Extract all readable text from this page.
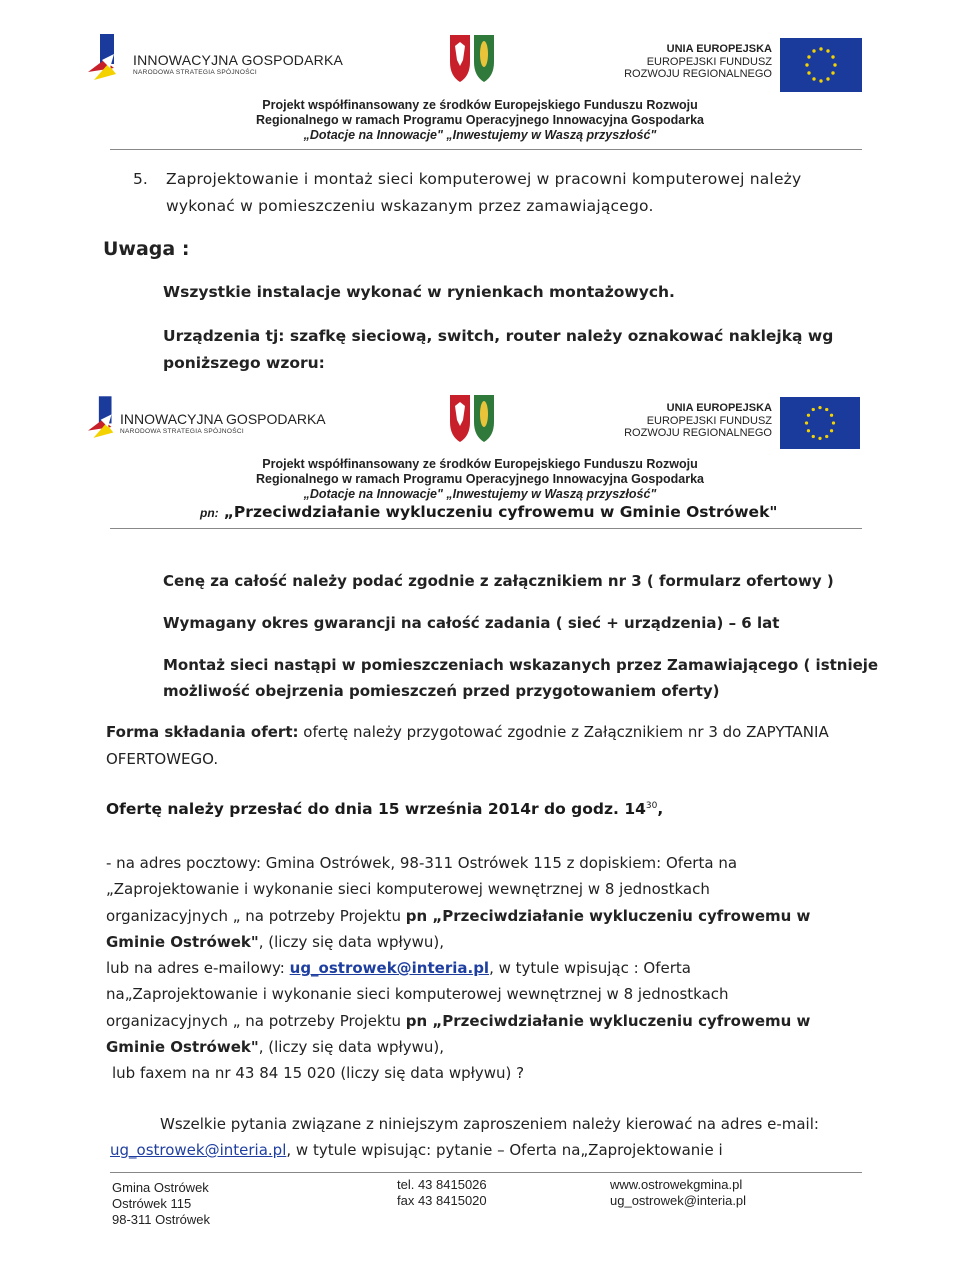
INNOWACYJNA GOSPODARKA
NARODOWA STRATEGIA SPÓJNOŚCI
UNIA EUROPEJSKA
EUROPEJSKI FUNDUSZ
ROZWOJU REGIONALNEGO
Projekt współfinansowany ze środków Europejskiego Funduszu Rozwoju
Regionalnego w ramach Programu Operacyjnego Innowacyjna Gospodarka
„Dotacje na Innowacje" „Inwestujemy w Waszą przyszłość"
5. Zaprojektowanie i montaż sieci komputerowej w pracowni komputerowej należy
wykonać w pomieszczeniu wskazanym przez zamawiającego.
Uwaga :
Wszystkie instalacje wykonać w rynienkach montażowych.
Urządzenia tj: szafkę sieciową, switch, router należy oznakować naklejką wg
poniższego wzoru:
INNOWACYJNA GOSPODARKA
NARODOWA STRATEGIA SPÓJNOŚCI
UNIA EUROPEJSKA
EUROPEJSKI FUNDUSZ
ROZWOJU REGIONALNEGO
Projekt współfinansowany ze środków Europejskiego Funduszu Rozwoju
Regionalnego w ramach Programu Operacyjnego Innowacyjna Gospodarka
„Dotacje na Innowacje" „Inwestujemy w Waszą przyszłość"
pn: „Przeciwdziałanie wykluczeniu cyfrowemu w Gminie Ostrówek"
Cenę za całość należy podać zgodnie z załącznikiem nr 3 ( formularz ofertowy )
Wymagany okres gwarancji na całość zadania ( sieć + urządzenia) – 6 lat
Montaż sieci nastąpi w pomieszczeniach wskazanych przez Zamawiającego ( istnieje
możliwość obejrzenia pomieszczeń przed przygotowaniem oferty)
Forma składania ofert: ofertę należy przygotować zgodnie z Załącznikiem nr 3 do ZAPYTANIA
OFERTOWEGO.
Ofertę należy przesłać do dnia 15 września 2014r do godz. $14^{30}$,
- na adres pocztowy: Gmina Ostrówek, 98-311 Ostrówek 115 z dopiskiem: Oferta na
„Zaprojektowanie i wykonanie sieci komputerowej wewnętrznej w 8 jednostkach
organizacyjnych „ na potrzeby Projektu pn „Przeciwdziałanie wykluczeniu cyfrowemu w
Gminie Ostrówek", (liczy się data wpływu),
lub na adres e-mailowy: ug_ostrowek@interia.pl, w tytule wpisując : Oferta
na„Zaprojektowanie i wykonanie sieci komputerowej wewnętrznej w 8 jednostkach
organizacyjnych „ na potrzeby Projektu pn „Przeciwdziałanie wykluczeniu cyfrowemu w
Gminie Ostrówek", (liczy się data wpływu),
lub faxem na nr 43 84 15 020 (liczy się data wpływu) ?
Wszelkie pytania związane z niniejszym zaproszeniem należy kierować na adres e-mail:
ug_ostrowek@interia.pl, w tytule wpisując: pytanie – Oferta na„Zaprojektowanie i
Gmina Ostrówek
Ostrówek 115
98-311 Ostrówek
tel. 43 8415026
fax 43 8415020
www.ostrowekgmina.pl
ug_ostrowek@interia.pl
